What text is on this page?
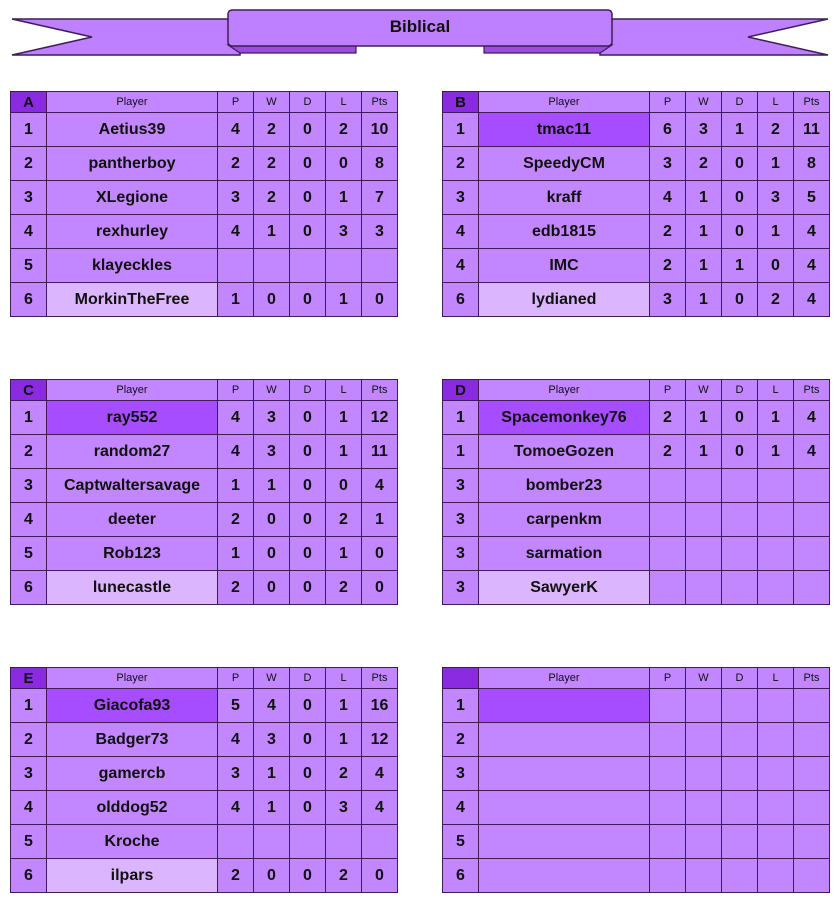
Biblical
A	Player	P	W	D	L	Pts
1	Aetius39	4	2	0	2	10
2	pantherboy	2	2	0	0	8
3	XLegione	3	2	0	1	7
4	rexhurley	4	1	0	3	3
5	klayeckles					
6	MorkinTheFree	1	0	0	1	0
B	Player	P	W	D	L	Pts
1	tmac11	6	3	1	2	11
2	SpeedyCM	3	2	0	1	8
3	kraff	4	1	0	3	5
4	edb1815	2	1	0	1	4
4	IMC	2	1	1	0	4
6	lydianed	3	1	0	2	4
C	Player	P	W	D	L	Pts
1	ray552	4	3	0	1	12
2	random27	4	3	0	1	11
3	Captwaltersavage	1	1	0	0	4
4	deeter	2	0	0	2	1
5	Rob123	1	0	0	1	0
6	lunecastle	2	0	0	2	0
D	Player	P	W	D	L	Pts
1	Spacemonkey76	2	1	0	1	4
1	TomoeGozen	2	1	0	1	4
3	bomber23					
3	carpenkm					
3	sarmation					
3	SawyerK					
E	Player	P	W	D	L	Pts
1	Giacofa93	5	4	0	1	16
2	Badger73	4	3	0	1	12
3	gamercb	3	1	0	2	4
4	olddog52	4	1	0	3	4
5	Kroche					
6	ilpars	2	0	0	2	0
	Player	P	W	D	L	Pts
1						
2						
3						
4						
5						
6						
